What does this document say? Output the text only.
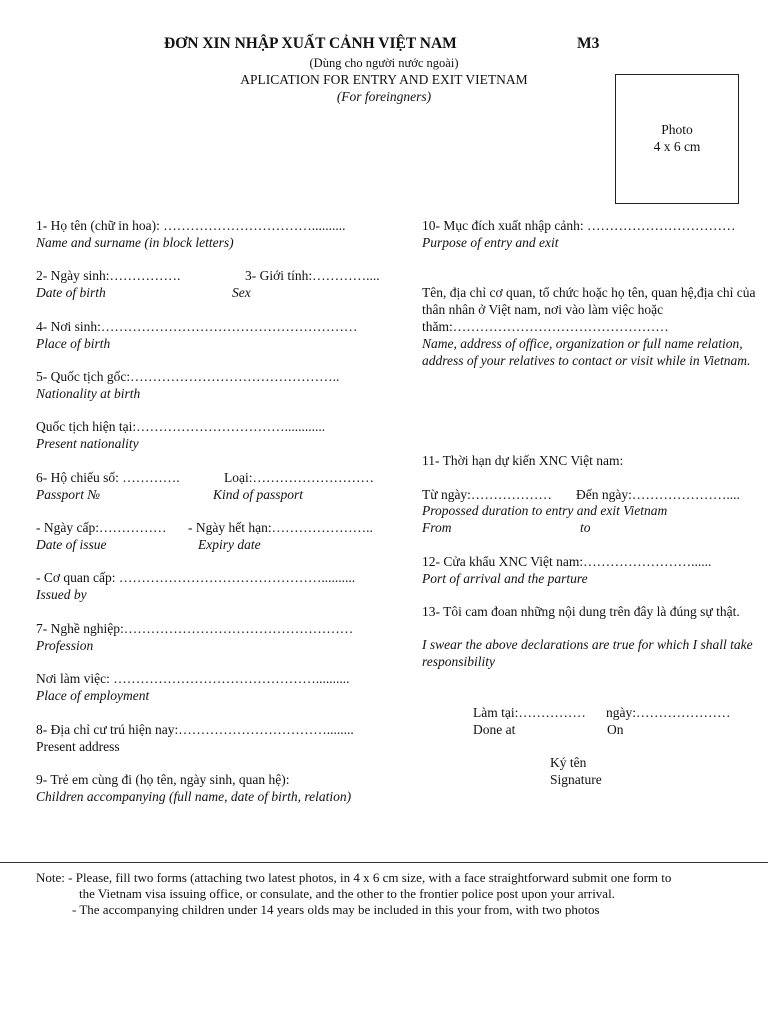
ĐƠN XIN NHẬP XUẤT CẢNH VIỆT NAM	M3
(Dùng cho người nước ngoài)
APLICATION FOR ENTRY AND EXIT VIETNAM
(For foreingners)
Photo
4 x 6 cm
1- Họ tên (chữ in hoa): ……………………………..........
Name and surname (in block letters)
2- Ngày sinh:…………….	3- Giới tính:…………....
Date of birth	Sex
4- Nơi sinh:…………………………………………………
Place of birth
5- Quốc tịch gốc:………………………………………..
Nationality at birth
Quốc tịch hiện tại:……………………………............
Present nationality
6- Hộ chiếu số: ………….	Loại:………………………
Passport №	Kind of passport
- Ngày cấp:…………… - Ngày hết hạn:…………………..
Date of issue	Expiry date
- Cơ quan cấp: ………………………………………..........
Issued by
7- Nghề nghiệp:……………………………………………
Profession
Nơi làm việc: ………………………………………..........
Place of employment
8- Địa chỉ cư trú hiện nay:……………………………........
Present address
9- Trẻ em cùng đi (họ tên, ngày sinh, quan hệ):
Children accompanying (full name, date of birth, relation)
10- Mục đích xuất nhập cảnh: ……………………………
Purpose of entry and exit
Tên, địa chỉ cơ quan, tổ chức hoặc họ tên, quan hệ,địa chỉ của thân nhân ở Việt nam, nơi vào làm việc hoặc thăm:…………………………………………
Name, address of office, organization or full name relation, address of your relatives to contact or visit while in Vietnam.
11- Thời hạn dự kiến XNC Việt nam:
Từ ngày:……………… Đến ngày:…………………....
Propossed duration to entry and exit Vietnam
From	to
12- Cửa khẩu XNC Việt nam:……………………......
Port of arrival and the parture
13- Tôi cam đoan những nội dung trên đây là đúng sự thật.
I swear the above declarations are true for which I shall take responsibility
Làm tại:…………… ngày:…………………
Done at	On
Ký tên
Signature
Note: - Please, fill two forms (attaching two latest photos, in 4 x 6 cm size, with a face straightforward submit one form to
the Vietnam visa issuing office, or consulate, and the other to the frontier police post upon your arrival.
- The accompanying children under 14 years olds may be included in this your from, with two photos
